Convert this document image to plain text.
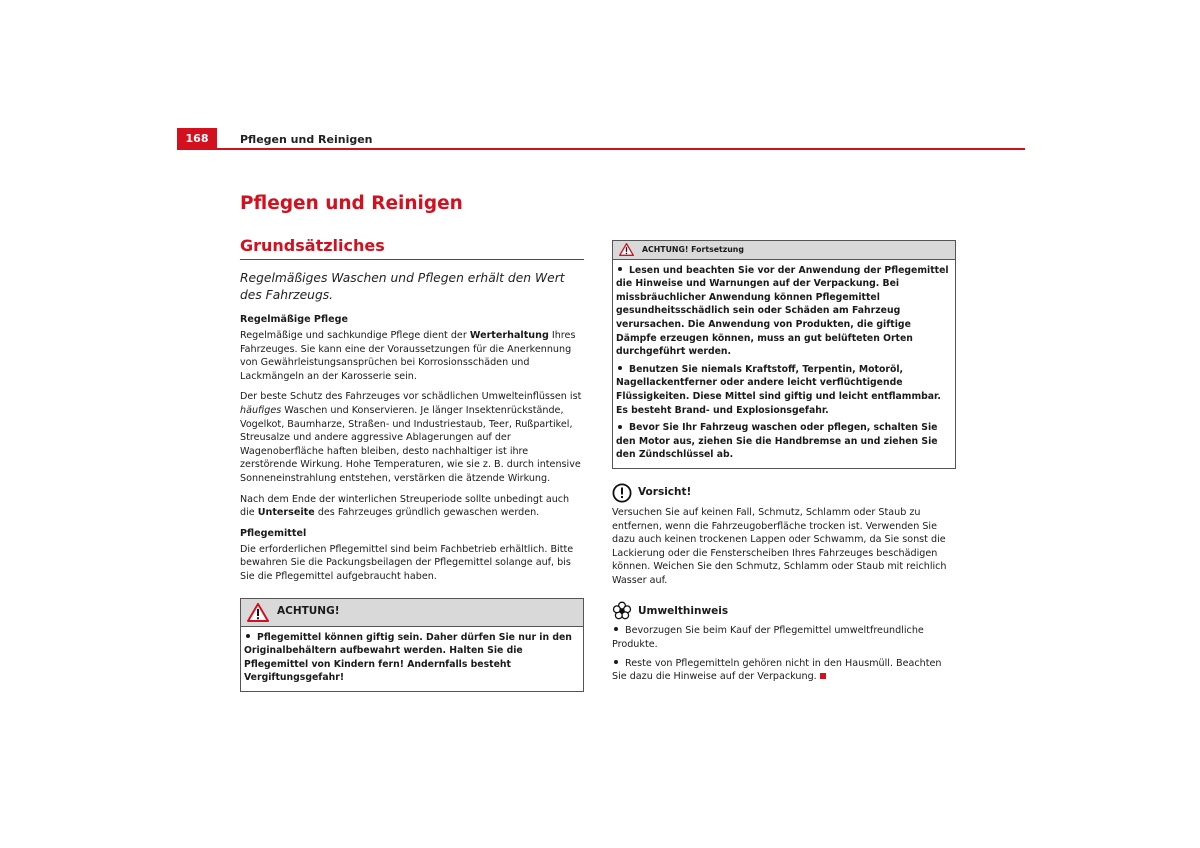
168	Pflegen und Reinigen
Pflegen und Reinigen
Grundsätzliches

Regelmäßiges Waschen und Pflegen erhält den Wert des Fahrzeugs.

Regelmäßige Pflege

Regelmäßige und sachkundige Pflege dient der Werterhaltung Ihres Fahrzeuges. Sie kann eine der Voraussetzungen für die Anerkennung von Gewährleistungsansprüchen bei Korrosionsschäden und Lackmängeln an der Karosserie sein.

Der beste Schutz des Fahrzeuges vor schädlichen Umwelteinflüssen ist häufiges Waschen und Konservieren. Je länger Insektenrückstände, Vogelkot, Baumharze, Straßen- und Industriestaub, Teer, Rußpartikel, Streusalze und andere aggressive Ablagerungen auf der Wagenoberfläche haften bleiben, desto nachhaltiger ist ihre zerstörende Wirkung. Hohe Temperaturen, wie sie z. B. durch intensive Sonneneinstrahlung entstehen, verstärken die ätzende Wirkung.

Nach dem Ende der winterlichen Streuperiode sollte unbedingt auch die Unterseite des Fahrzeuges gründlich gewaschen werden.

Pflegemittel

Die erforderlichen Pflegemittel sind beim Fachbetrieb erhältlich. Bitte bewahren Sie die Packungsbeilagen der Pflegemittel solange auf, bis Sie die Pflegemittel aufgebraucht haben.

ACHTUNG!

Pflegemittel können giftig sein. Daher dürfen Sie nur in den Originalbehältern aufbewahrt werden. Halten Sie die Pflegemittel von Kindern fern! Andernfalls besteht Vergiftungsgefahr!

ACHTUNG! Fortsetzung

Lesen und beachten Sie vor der Anwendung der Pflegemittel die Hinweise und Warnungen auf der Verpackung. Bei missbräuchlicher Anwendung können Pflegemittel gesundheitsschädlich sein oder Schäden am Fahrzeug verursachen. Die Anwendung von Produkten, die giftige Dämpfe erzeugen können, muss an gut belüfteten Orten durchgeführt werden.

Benutzen Sie niemals Kraftstoff, Terpentin, Motoröl, Nagellackentferner oder andere leicht verflüchtigende Flüssigkeiten. Diese Mittel sind giftig und leicht entflammbar. Es besteht Brand- und Explosionsgefahr.

Bevor Sie Ihr Fahrzeug waschen oder pflegen, schalten Sie den Motor aus, ziehen Sie die Handbremse an und ziehen Sie den Zündschlüssel ab.

Vorsicht!

Versuchen Sie auf keinen Fall, Schmutz, Schlamm oder Staub zu entfernen, wenn die Fahrzeugoberfläche trocken ist. Verwenden Sie dazu auch keinen trockenen Lappen oder Schwamm, da Sie sonst die Lackierung oder die Fensterscheiben Ihres Fahrzeuges beschädigen können. Weichen Sie den Schmutz, Schlamm oder Staub mit reichlich Wasser auf.

Umwelthinweis

Bevorzugen Sie beim Kauf der Pflegemittel umweltfreundliche Produkte.

Reste von Pflegemitteln gehören nicht in den Hausmüll. Beachten Sie dazu die Hinweise auf der Verpackung.
